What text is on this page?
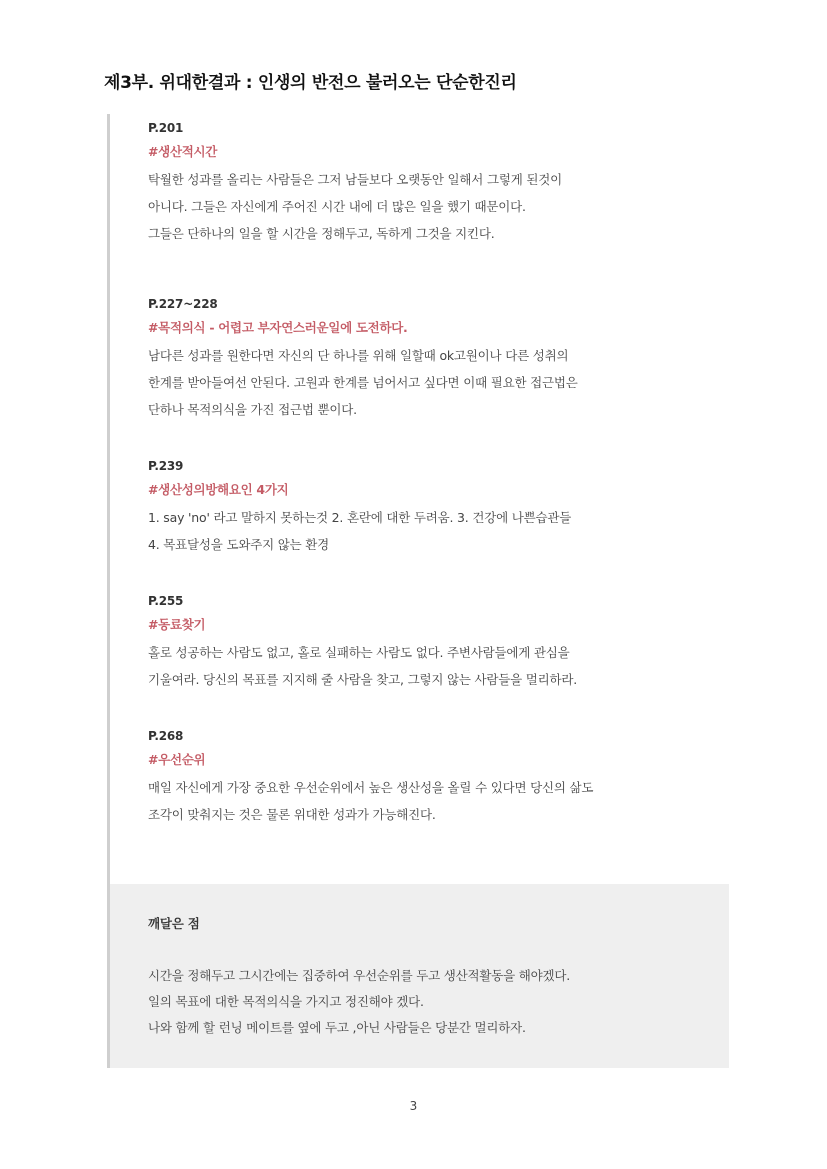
제3부. 위대한결과 : 인생의 반전으 불러오는 단순한진리
P.201
#생산적시간
탁월한 성과를 올리는 사람들은 그저 남들보다 오랫동안 일해서 그렇게 된것이
아니다. 그들은 자신에게 주어진 시간 내에 더 많은 일을 했기 때문이다.
그들은 단하나의 일을 할 시간을 정해두고, 독하게 그것을 지킨다.
P.227~228
#목적의식 - 어렵고 부자연스러운일에 도전하다.
남다른 성과를 원한다면 자신의 단 하나를 위해 일할때 ok고원이나 다른 성취의
한계를 받아들여선 안된다. 고원과 한계를 넘어서고 싶다면 이때 필요한 접근법은
단하나 목적의식을 가진 접근법 뿐이다.
P.239
#생산성의방해요인 4가지
1. say 'no' 라고 말하지 못하는것 2. 혼란에 대한 두려움. 3. 건강에 나쁜습관들
4. 목표달성을 도와주지 않는 환경
P.255
#동료찾기
홀로 성공하는 사람도 없고, 홀로 실패하는 사람도 없다. 주변사람들에게 관심을
기울여라. 당신의 목표를 지지해 줄 사람을 찾고, 그렇지 않는 사람들을 멀리하라.
P.268
#우선순위
매일 자신에게 가장 중요한 우선순위에서 높은 생산성을 올릴 수 있다면 당신의 삶도
조각이 맞춰지는 것은 물론 위대한 성과가 가능해진다.
깨달은 점
시간을 정해두고 그시간에는 집중하여 우선순위를 두고 생산적활동을 해야겠다.
일의 목표에 대한 목적의식을 가지고 정진해야 겠다.
나와 함께 할 런닝 메이트를 옆에 두고 ,아닌 사람들은 당분간 멀리하자.
3
